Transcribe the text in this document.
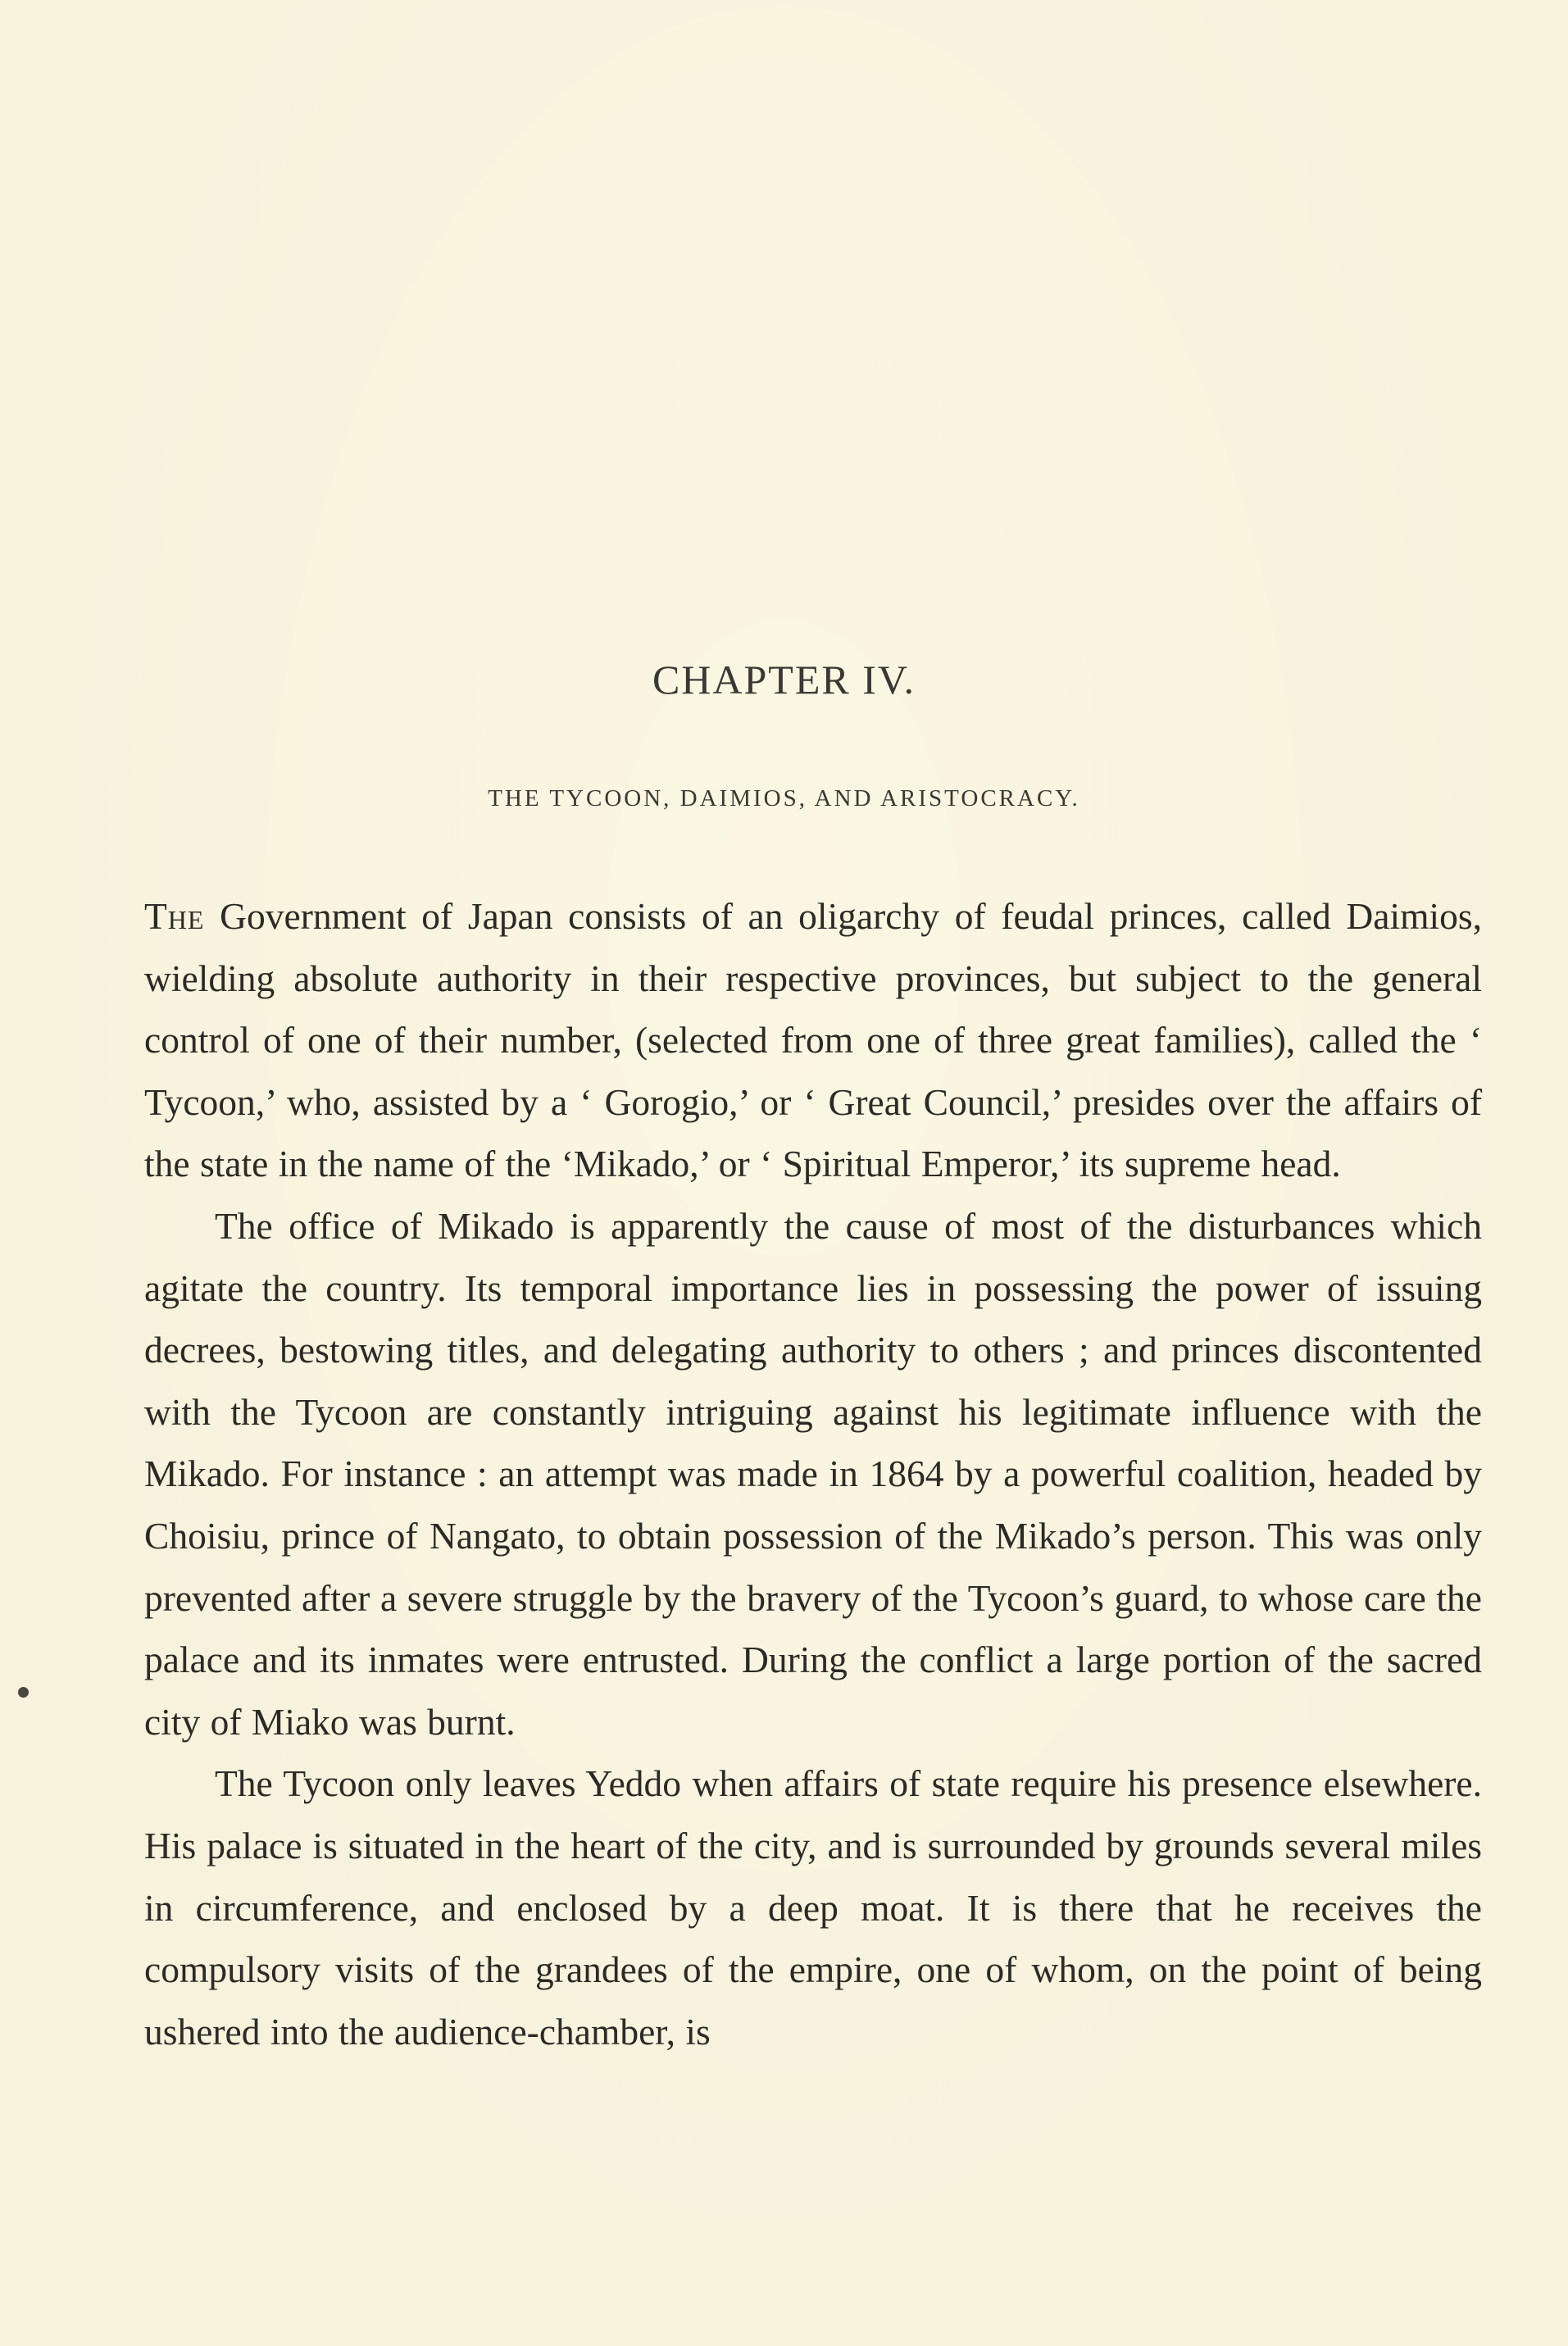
CHAPTER IV.
THE TYCOON, DAIMIOS, AND ARISTOCRACY.

The Government of Japan consists of an oligarchy of feudal princes, called Daimios, wielding absolute authority in their respective provinces, but subject to the general control of one of their number, (selected from one of three great families), called the ‘ Tycoon,’ who, assisted by a ‘ Gorogio,’ or ‘ Great Council,’ presides over the affairs of the state in the name of the ‘Mikado,’ or ‘ Spiritual Emperor,’ its supreme head.

The office of Mikado is apparently the cause of most of the disturbances which agitate the country. Its temporal importance lies in possessing the power of issuing decrees, bestowing titles, and delegating authority to others ; and princes discontented with the Tycoon are constantly intriguing against his legitimate influence with the Mikado. For instance : an attempt was made in 1864 by a powerful coalition, headed by Choisiu, prince of Nangato, to obtain possession of the Mikado’s person. This was only prevented after a severe struggle by the bravery of the Tycoon’s guard, to whose care the palace and its inmates were entrusted. During the conflict a large portion of the sacred city of Miako was burnt.

The Tycoon only leaves Yeddo when affairs of state require his presence elsewhere. His palace is situated in the heart of the city, and is surrounded by grounds several miles in circumference, and enclosed by a deep moat. It is there that he receives the compulsory visits of the grandees of the empire, one of whom, on the point of being ushered into the audience-chamber, is
